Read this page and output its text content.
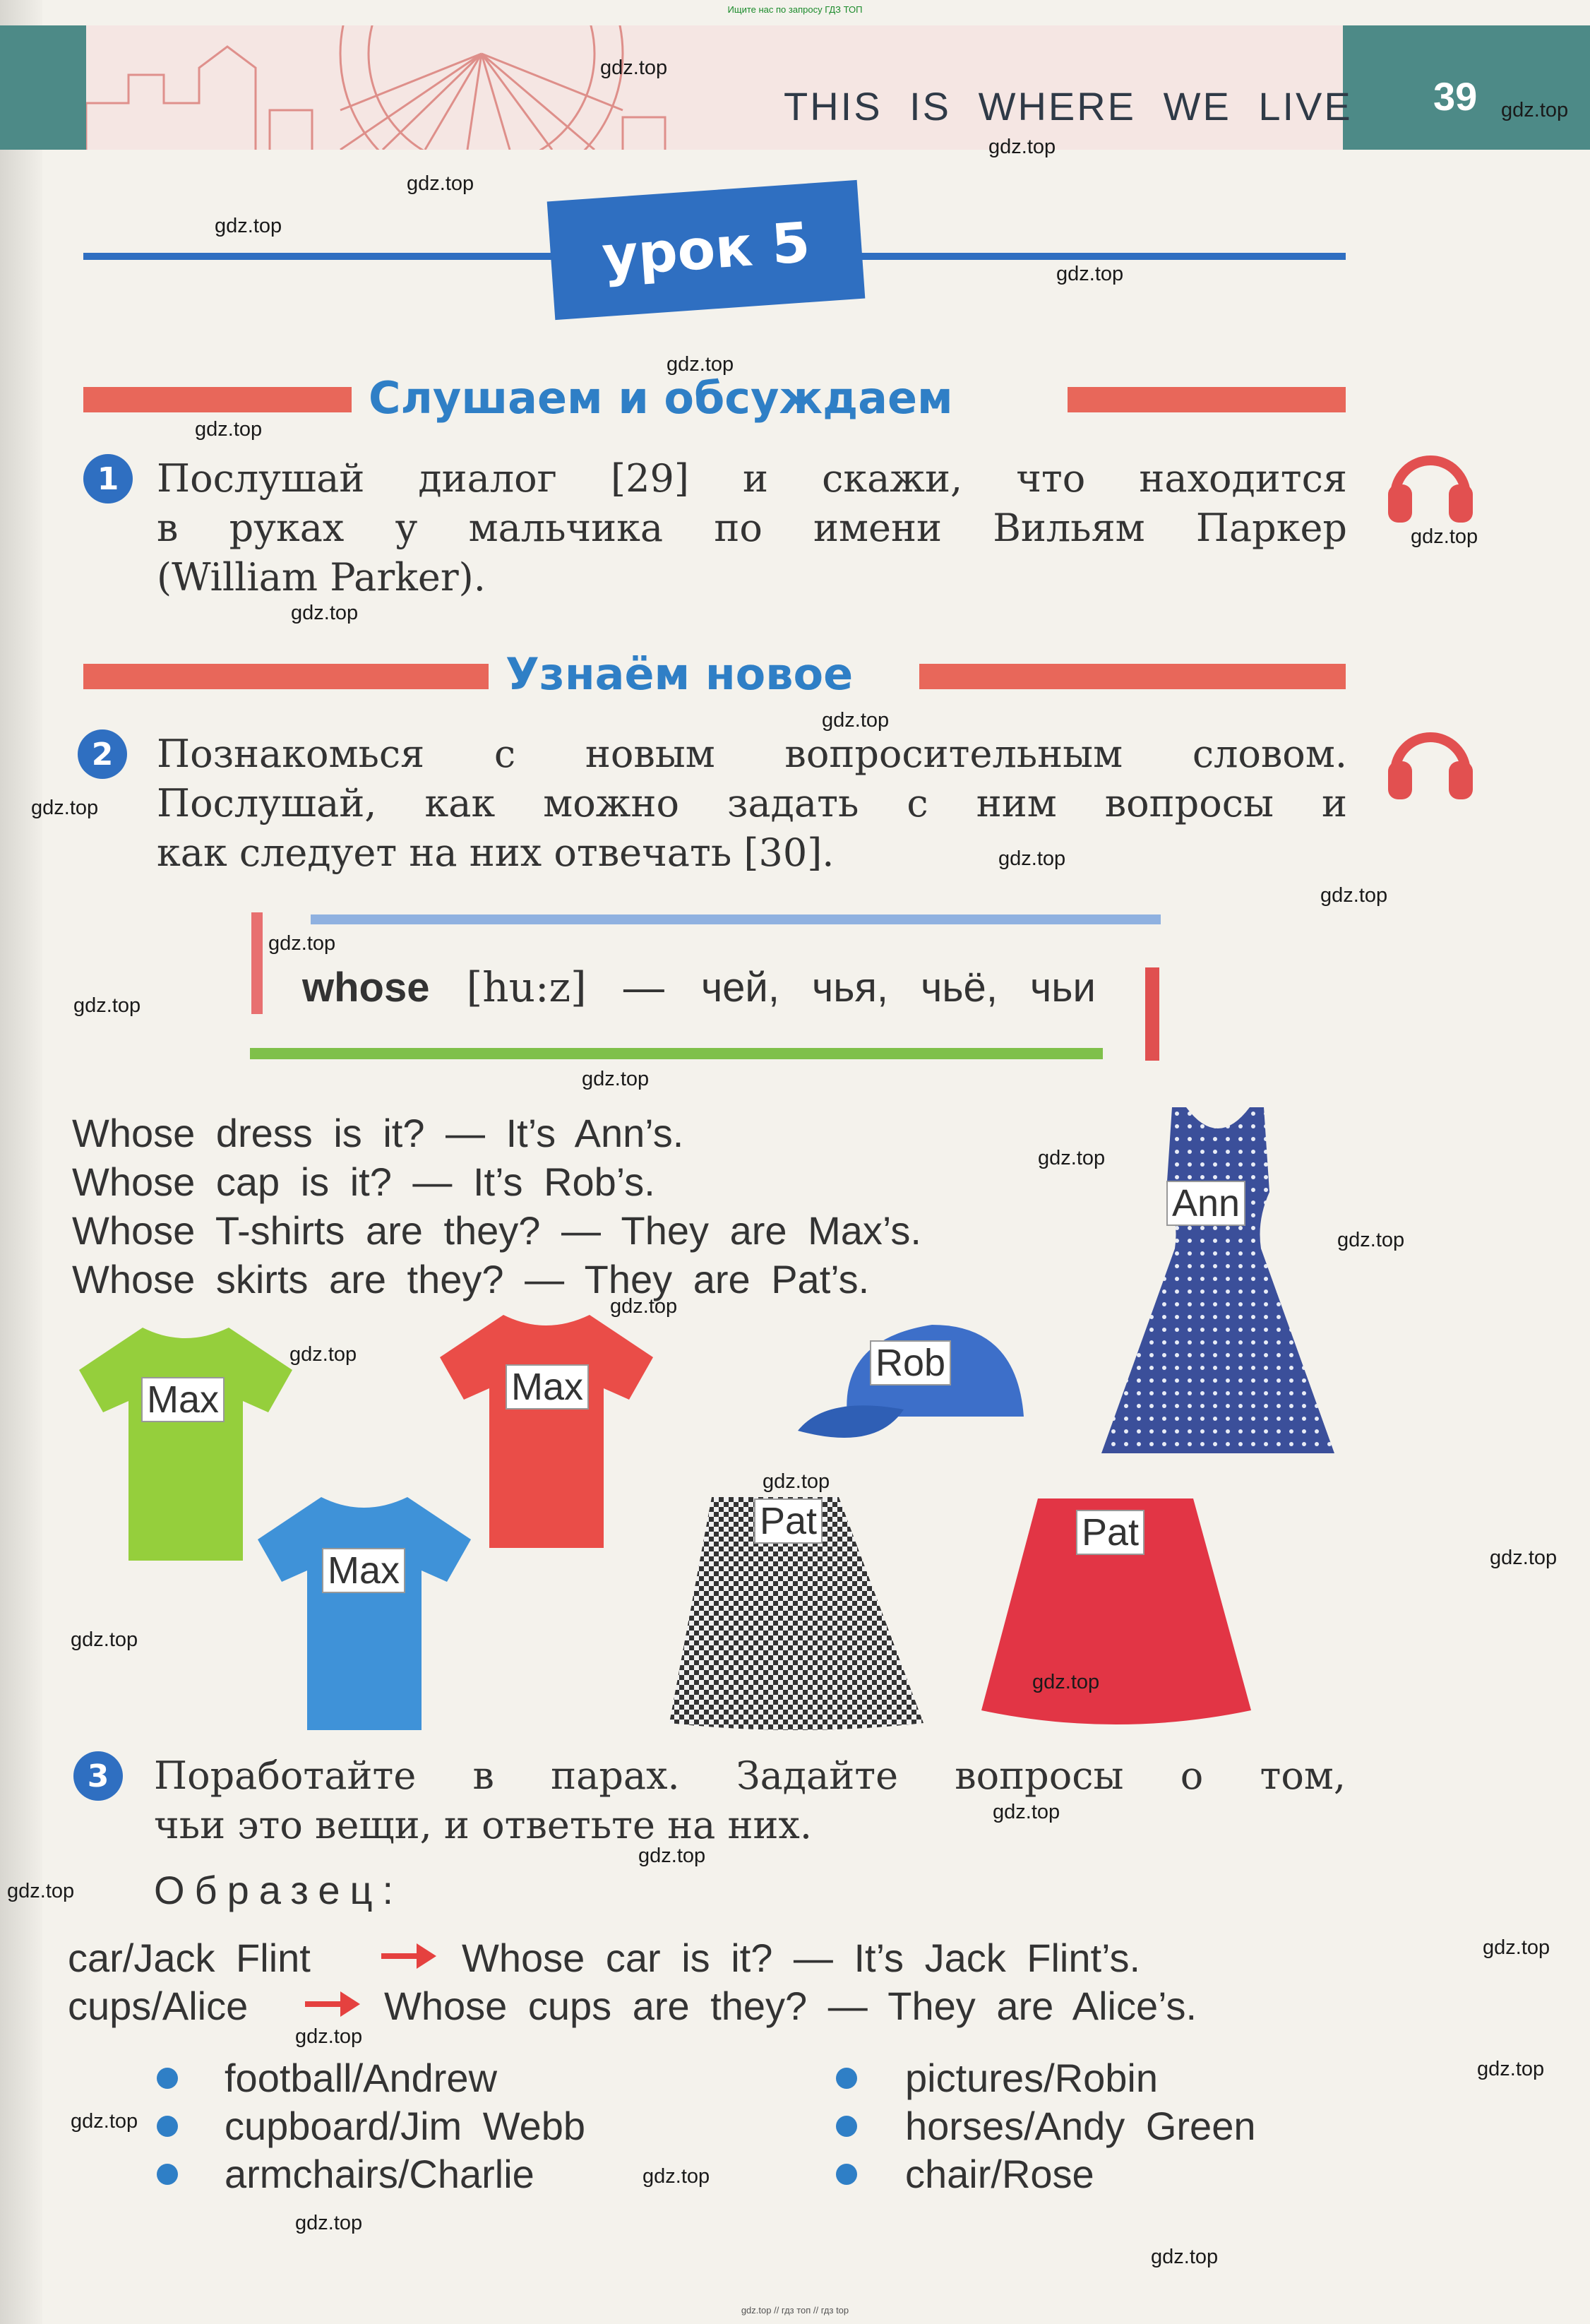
Ищите нас по запросу ГДЗ ТОП
THIS IS WHERE WE LIVE 39
урок 5
Слушаем и обсуждаем
1 Послушай диалог [29] и скажи, что находится
в руках у мальчика по имени Вильям Паркер
(William Parker).
Узнаём новое
2	Познакомься с новым вопросительным словом.
Послушай, как можно задать с ним вопросы и
как следует на них отвечать [30].
whose [hu:z] — чей, чья, чьё, чьи
Whose dress is it? — It’s Ann’s.
Whose cap is it? — It’s Rob’s.
Whose T-shirts are they? — They are Max’s.
Whose skirts are they? — They are Pat’s.
Ann
Max	Max
Max
Rob
Pat	Pat
3	Поработайте в парах. Задайте вопросы о том,
чьи это вещи, и ответьте на них.
Образец:
car/Jack Flint	Whose car is it? — It’s Jack Flint’s.
cups/Alice	Whose cups are they? — They are Alice’s.
football/Andrew
cupboard/Jim Webb
armchairs/Charlie
pictures/Robin
horses/Andy Green
chair/Rose
gdz.top
gdz.top
gdz.top
gdz.top
gdz.top
gdz.top
gdz.top
gdz.top
gdz.top
gdz.top
gdz.top
gdz.top
gdz.top
gdz.top
gdz.top
gdz.top
gdz.top
gdz.top
gdz.top
gdz.top
gdz.top
gdz.top
gdz.top
gdz.top
gdz.top
gdz.top
gdz.top
gdz.top
gdz.top
gdz.top
gdz.top
gdz.top
gdz.top
gdz.top
gdz.top
gdz.top // гдз топ // гдз top
